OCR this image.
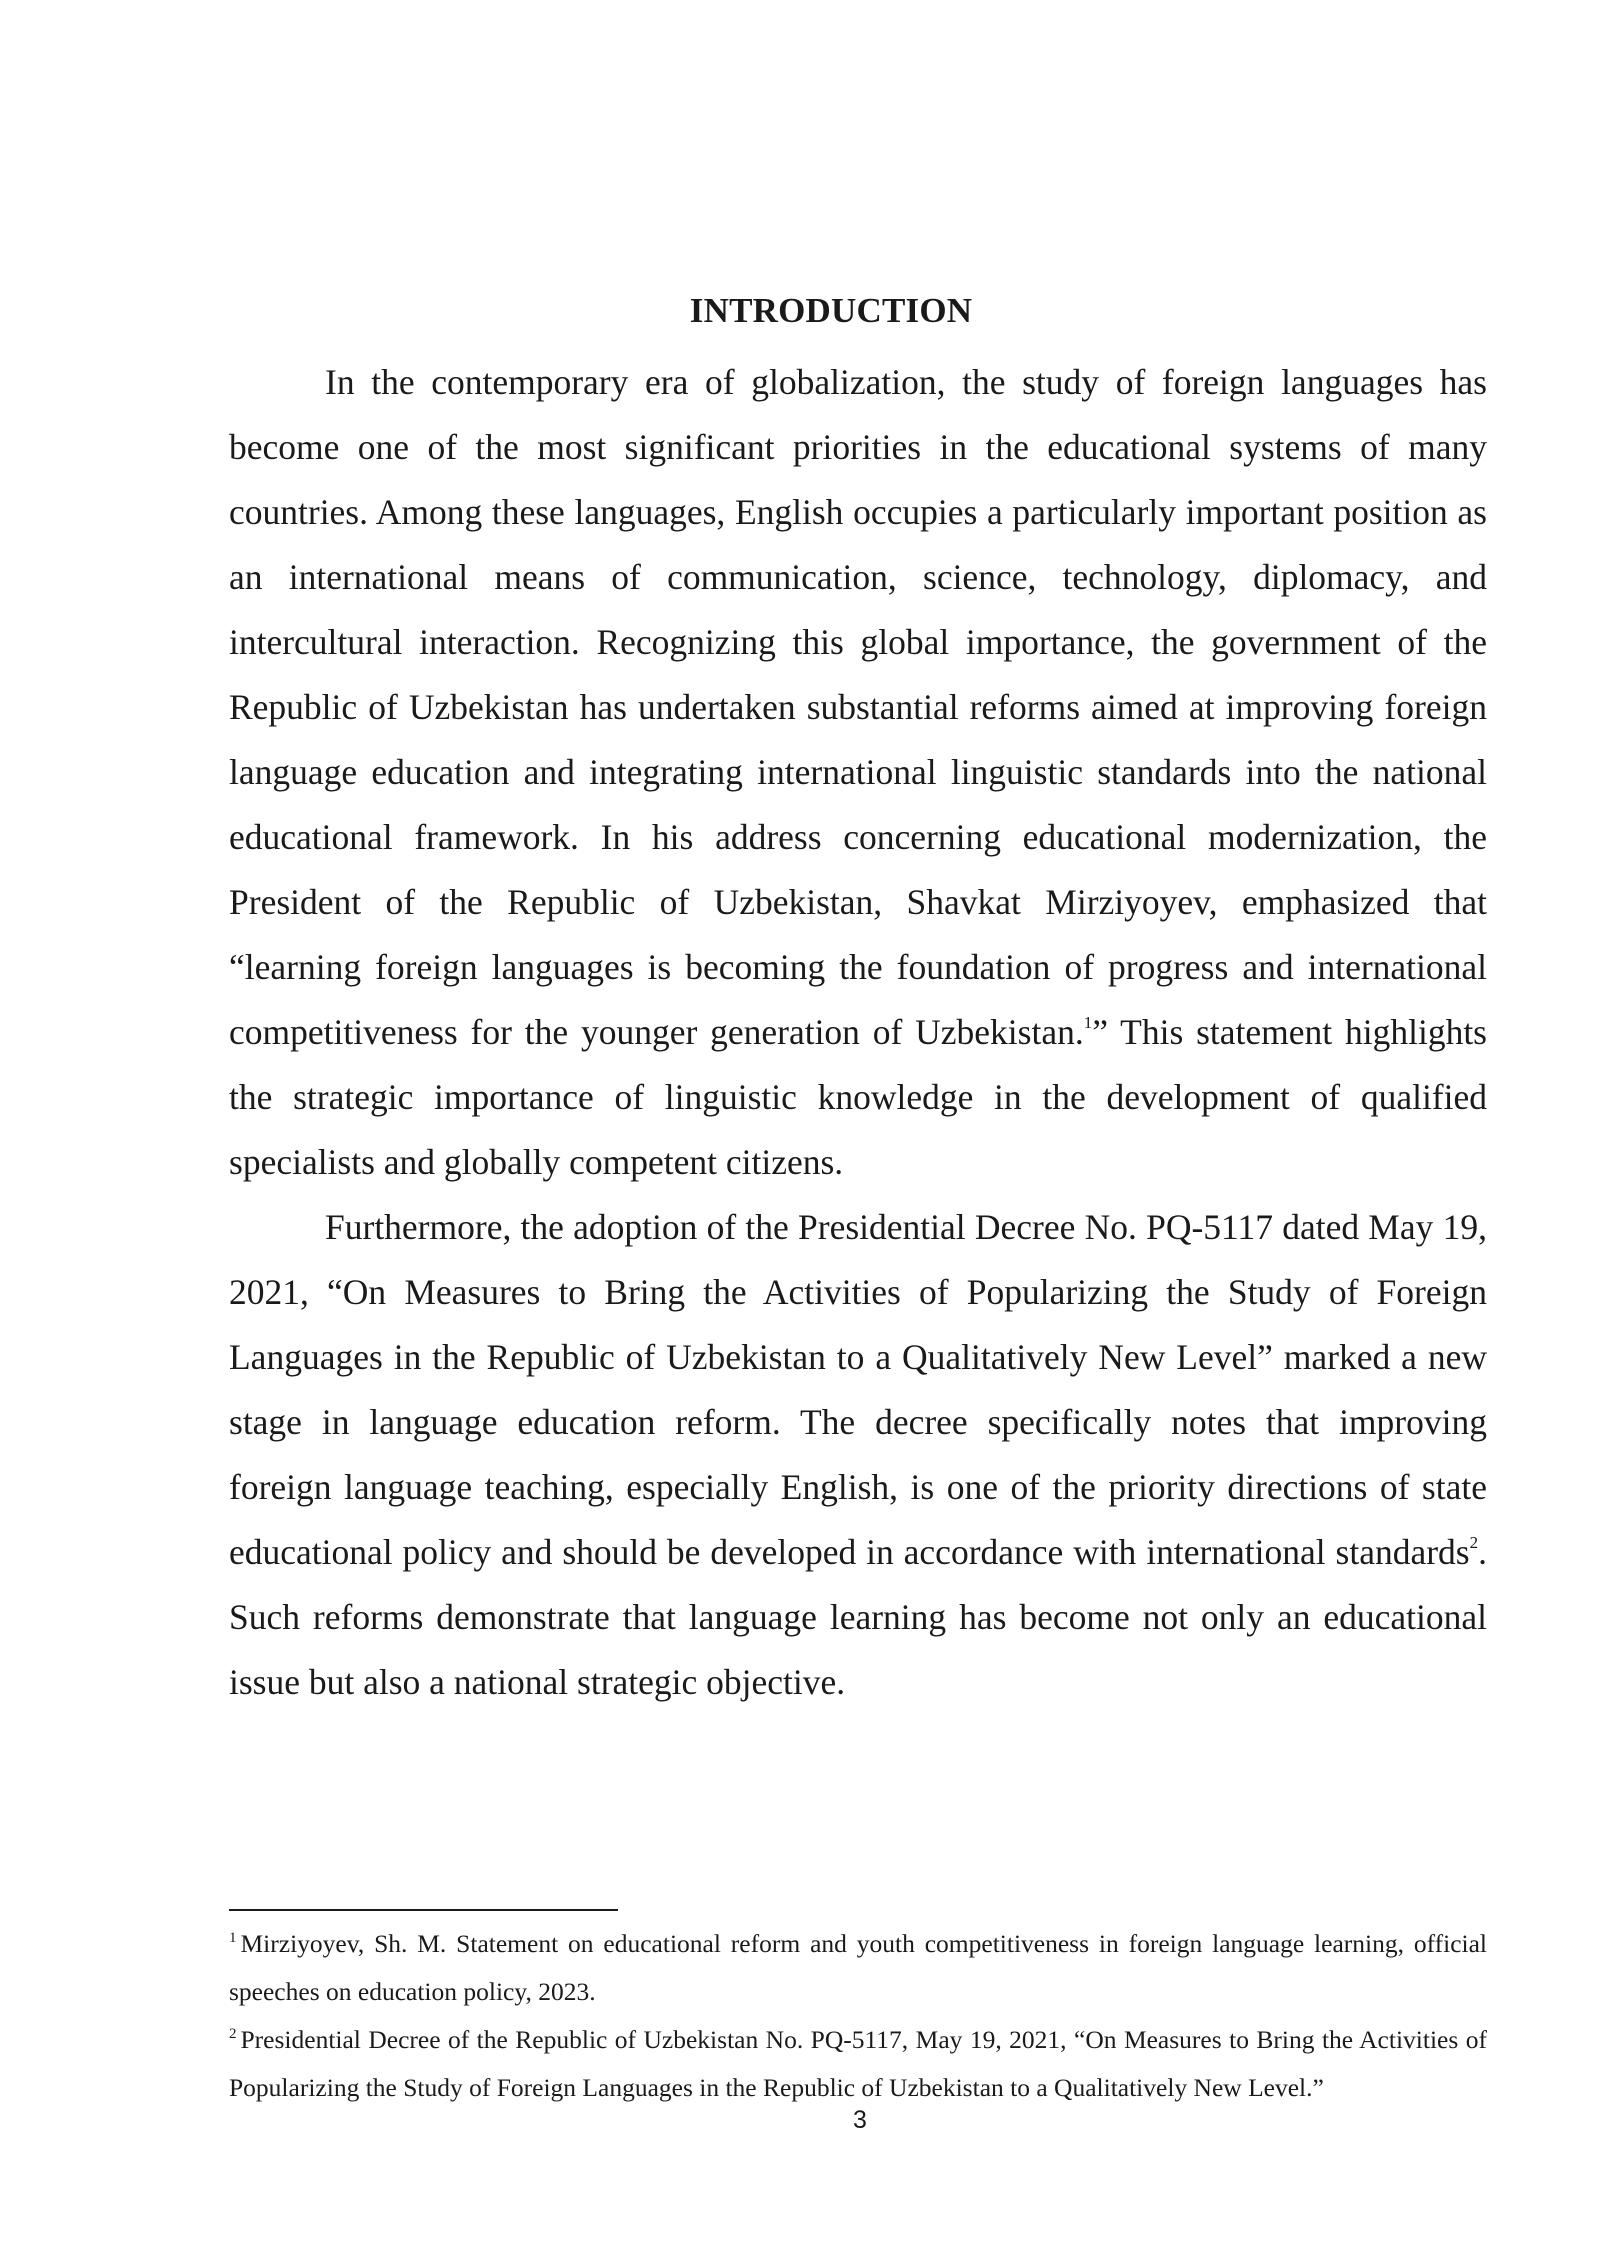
INTRODUCTION

In the contemporary era of globalization, the study of foreign languages has become one of the most significant priorities in the educational systems of many countries. Among these languages, English occupies a particularly important position as an international means of communication, science, technology, diplomacy, and intercultural interaction. Recognizing this global importance, the government of the Republic of Uzbekistan has undertaken substantial reforms aimed at improving foreign language education and integrating international linguistic standards into the national educational framework. In his address concerning educational modernization, the President of the Republic of Uzbekistan, Shavkat Mirziyoyev, emphasized that “learning foreign languages is becoming the foundation of progress and international competitiveness for the younger generation of Uzbekistan.$^1$” This statement highlights the strategic importance of linguistic knowledge in the development of qualified specialists and globally competent citizens.

Furthermore, the adoption of the Presidential Decree No. PQ-5117 dated May 19, 2021, “On Measures to Bring the Activities of Popularizing the Study of Foreign Languages in the Republic of Uzbekistan to a Qualitatively New Level” marked a new stage in language education reform. The decree specifically notes that improving foreign language teaching, especially English, is one of the priority directions of state educational policy and should be developed in accordance with international standards$^2$. Such reforms demonstrate that language learning has become not only an educational issue but also a national strategic objective.

$^1$ Mirziyoyev, Sh. M. Statement on educational reform and youth competitiveness in foreign language learning, official speeches on education policy, 2023.

$^2$ Presidential Decree of the Republic of Uzbekistan No. PQ-5117, May 19, 2021, “On Measures to Bring the Activities of Popularizing the Study of Foreign Languages in the Republic of Uzbekistan to a Qualitatively New Level.”

3
